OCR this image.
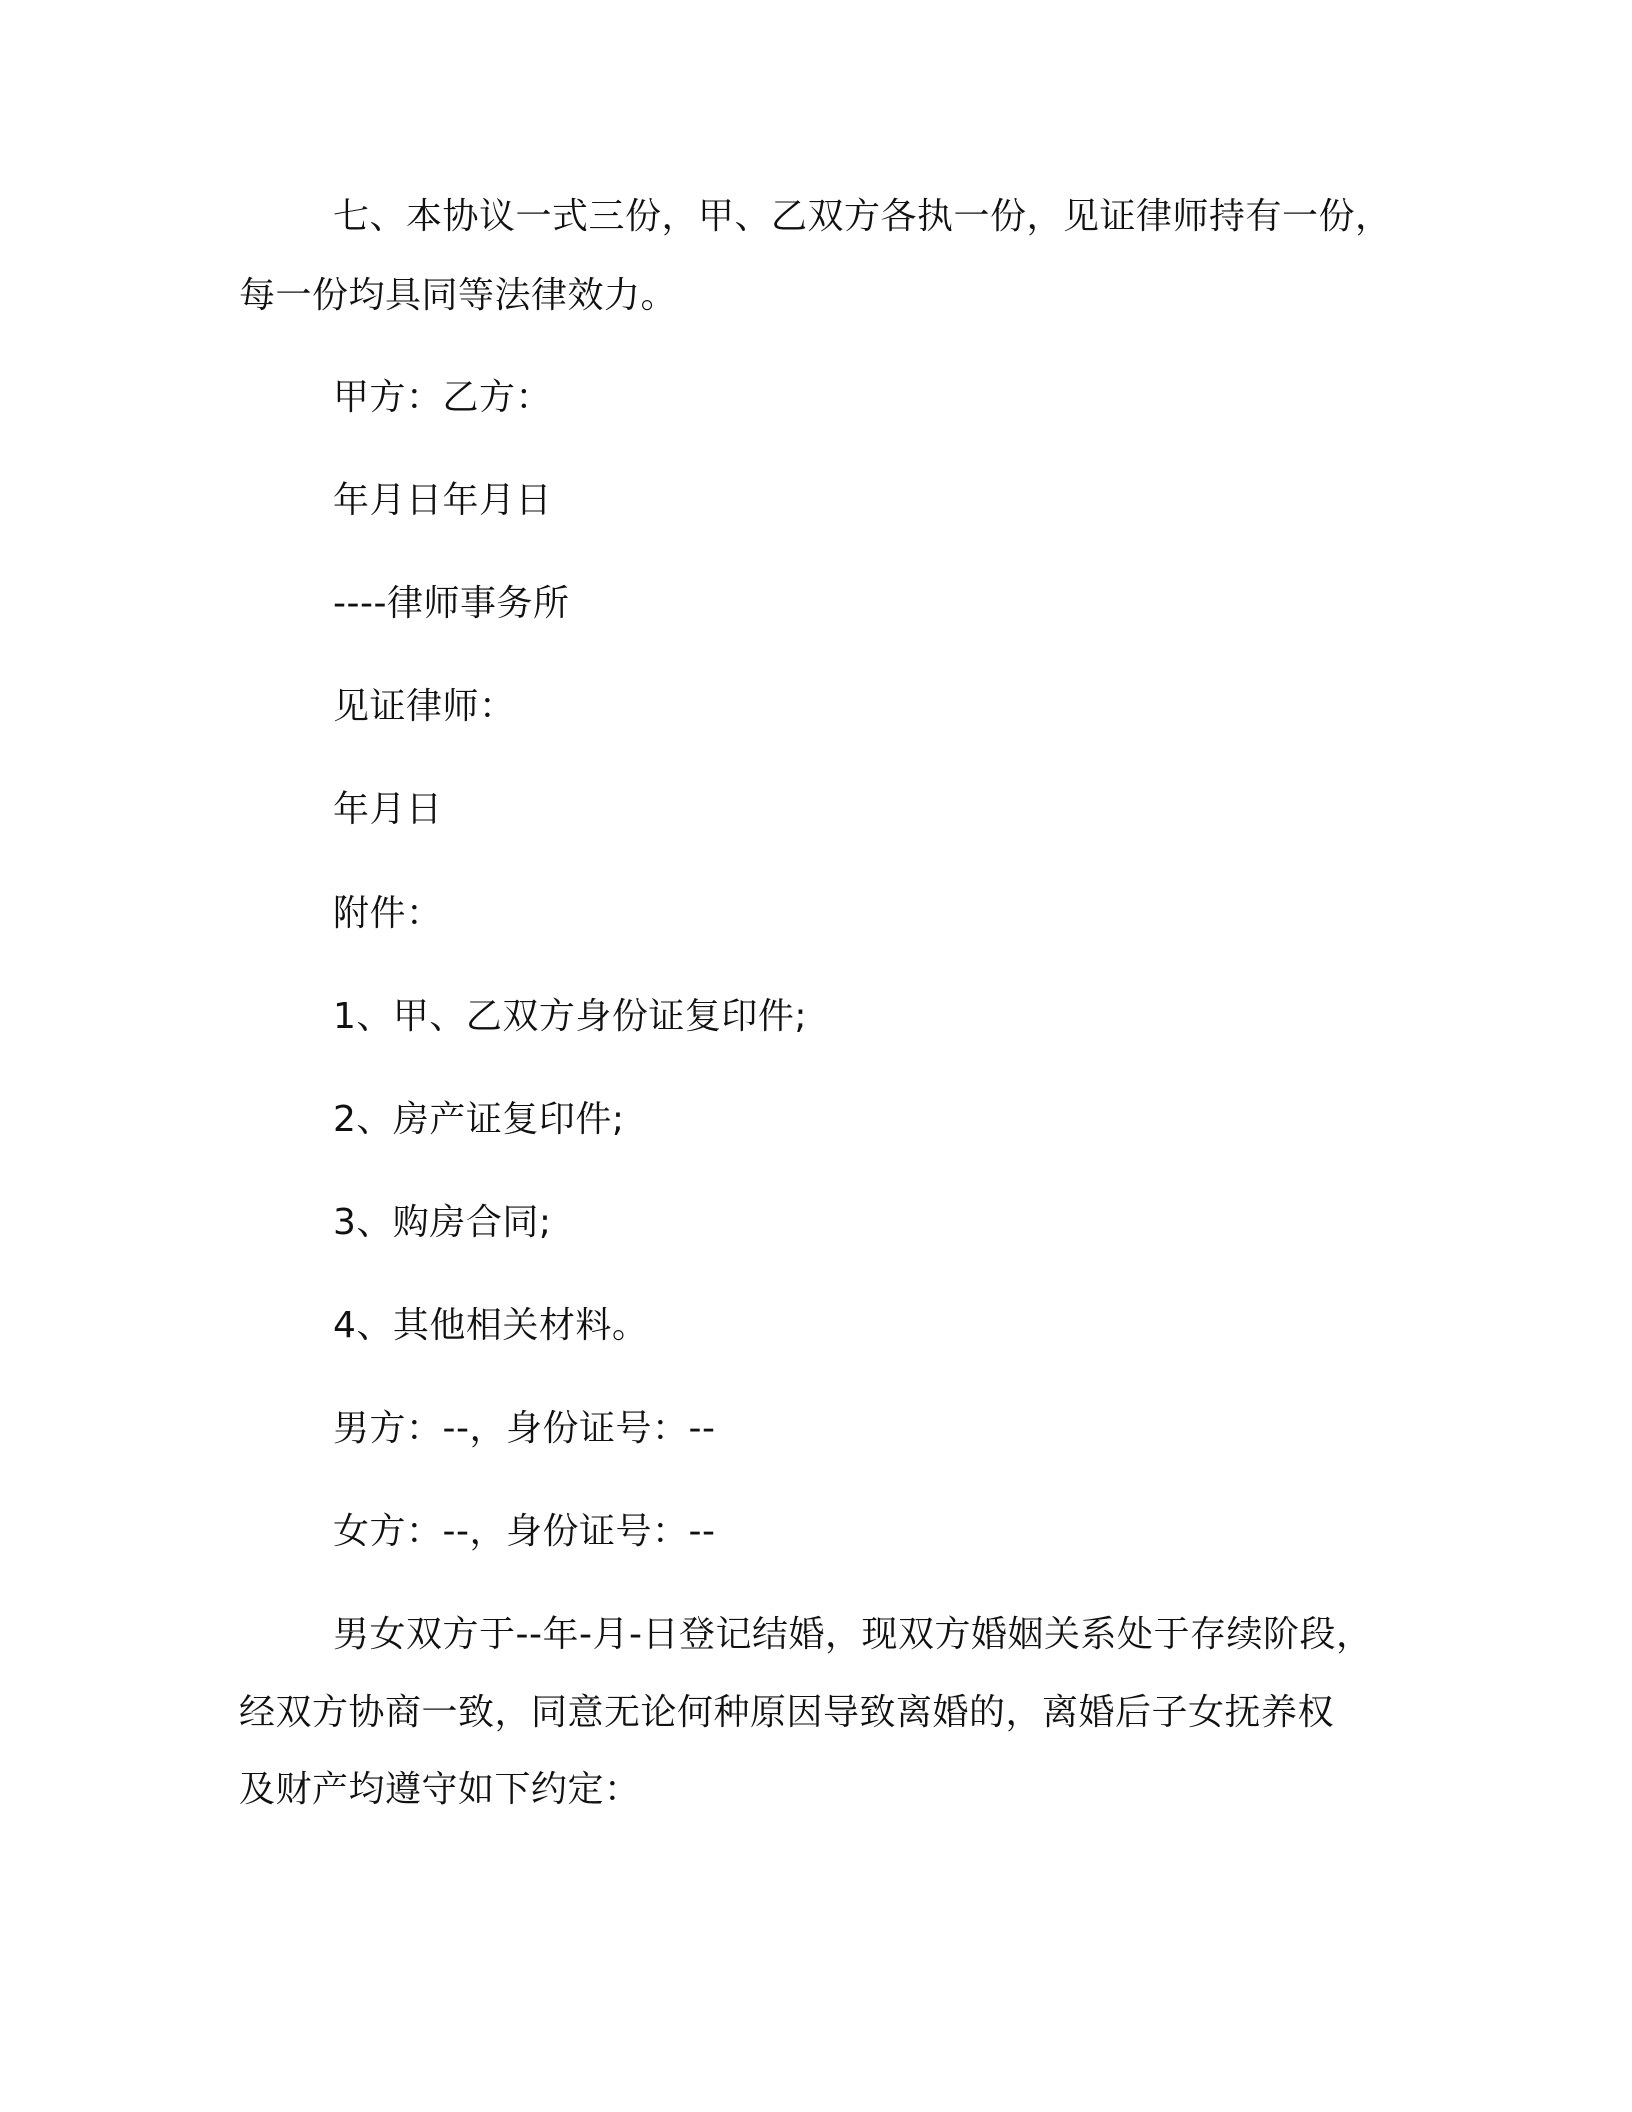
七、本协议一式三份，甲、乙双方各执一份，见证律师持有一份，
每一份均具同等法律效力。
甲方：乙方：
年月日年月日
----律师事务所
见证律师：
年月日
附件：
1、甲、乙双方身份证复印件;
2、房产证复印件;
3、购房合同;
4、其他相关材料。
男方：--，身份证号：--
女方：--，身份证号：--
男女双方于--年-月-日登记结婚，现双方婚姻关系处于存续阶段，
经双方协商一致，同意无论何种原因导致离婚的，离婚后子女抚养权
及财产均遵守如下约定：
